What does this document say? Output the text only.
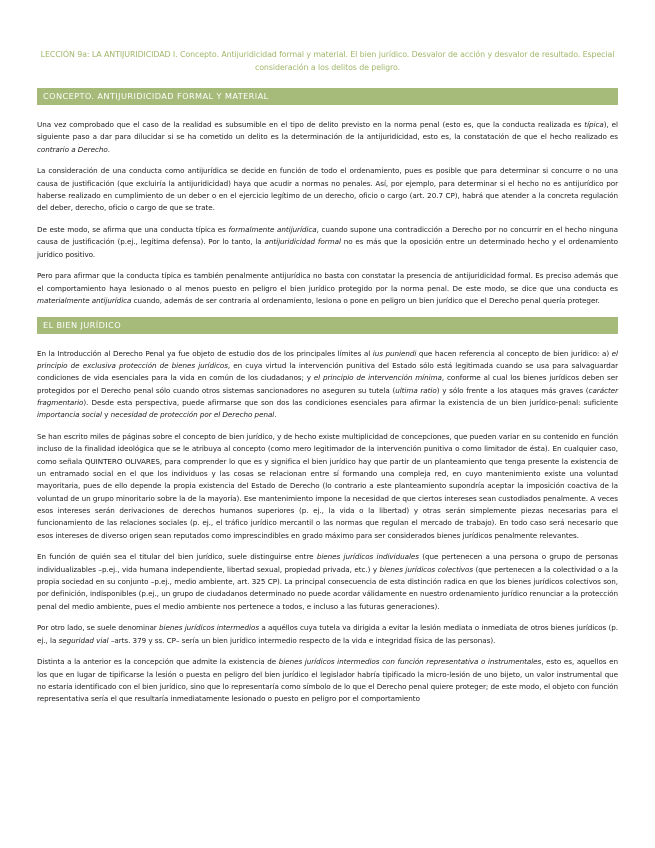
LECCIÓN 9a: LA ANTIJURIDICIDAD I. Concepto. Antijuridicidad formal y material. El bien jurídico. Desvalor de acción y desvalor de resultado. Especial consideración a los delitos de peligro.
CONCEPTO. ANTIJURIDICIDAD FORMAL Y MATERIAL

Una vez comprobado que el caso de la realidad es subsumible en el tipo de delito previsto en la norma penal (esto es, que la conducta realizada es típica), el siguiente paso a dar para dilucidar si se ha cometido un delito es la determinación de la antijuridicidad, esto es, la constatación de que el hecho realizado es contrario a Derecho.

La consideración de una conducta como antijurídica se decide en función de todo el ordenamiento, pues es posible que para determinar si concurre o no una causa de justificación (que excluiría la antijuridicidad) haya que acudir a normas no penales. Así, por ejemplo, para determinar si el hecho no es antijurídico por haberse realizado en cumplimiento de un deber o en el ejercicio legítimo de un derecho, oficio o cargo (art. 20.7 CP), habrá que atender a la concreta regulación del deber, derecho, oficio o cargo de que se trate.

De este modo, se afirma que una conducta típica es formalmente antijurídica, cuando supone una contradicción a Derecho por no concurrir en el hecho ninguna causa de justificación (p.ej., legítima defensa). Por lo tanto, la antijuridicidad formal no es más que la oposición entre un determinado hecho y el ordenamiento jurídico positivo.

Pero para afirmar que la conducta típica es también penalmente antijurídica no basta con constatar la presencia de antijuridicidad formal. Es preciso además que el comportamiento haya lesionado o al menos puesto en peligro el bien jurídico protegido por la norma penal. De este modo, se dice que una conducta es materialmente antijurídica cuando, además de ser contraria al ordenamiento, lesiona o pone en peligro un bien jurídico que el Derecho penal quería proteger.

EL BIEN JURÍDICO

En la Introducción al Derecho Penal ya fue objeto de estudio dos de los principales límites al ius puniendi que hacen referencia al concepto de bien jurídico: a) el principio de exclusiva protección de bienes jurídicos, en cuya virtud la intervención punitiva del Estado sólo está legitimada cuando se usa para salvaguardar condiciones de vida esenciales para la vida en común de los ciudadanos; y el principio de intervención mínima, conforme al cual los bienes jurídicos deben ser protegidos por el Derecho penal sólo cuando otros sistemas sancionadores no aseguren su tutela (ultima ratio) y sólo frente a los ataques más graves (carácter fragmentario). Desde esta perspectiva, puede afirmarse que son dos las condiciones esenciales para afirmar la existencia de un bien jurídico-penal: suficiente importancia social y necesidad de protección por el Derecho penal.

Se han escrito miles de páginas sobre el concepto de bien jurídico, y de hecho existe multiplicidad de concepciones, que pueden variar en su contenido en función incluso de la finalidad ideológica que se le atribuya al concepto (como mero legitimador de la intervención punitiva o como limitador de ésta). En cualquier caso, como señala QUINTERO OLIVARES, para comprender lo que es y significa el bien jurídico hay que partir de un planteamiento que tenga presente la existencia de un entramado social en el que los individuos y las cosas se relacionan entre sí formando una compleja red, en cuyo mantenimiento existe una voluntad mayoritaria, pues de ello depende la propia existencia del Estado de Derecho (lo contrario a este planteamiento supondría aceptar la imposición coactiva de la voluntad de un grupo minoritario sobre la de la mayoría). Ese mantenimiento impone la necesidad de que ciertos intereses sean custodiados penalmente. A veces esos intereses serán derivaciones de derechos humanos superiores (p. ej., la vida o la libertad) y otras serán simplemente piezas necesarias para el funcionamiento de las relaciones sociales (p. ej., el tráfico jurídico mercantil o las normas que regulan el mercado de trabajo). En todo caso será necesario que esos intereses de diverso origen sean reputados como imprescindibles en grado máximo para ser considerados bienes jurídicos penalmente relevantes.

En función de quién sea el titular del bien jurídico, suele distinguirse entre bienes jurídicos individuales (que pertenecen a una persona o grupo de personas individualizables –p.ej., vida humana independiente, libertad sexual, propiedad privada, etc.) y bienes jurídicos colectivos (que pertenecen a la colectividad o a la propia sociedad en su conjunto –p.ej., medio ambiente, art. 325 CP). La principal consecuencia de esta distinción radica en que los bienes jurídicos colectivos son, por definición, indisponibles (p.ej., un grupo de ciudadanos determinado no puede acordar válidamente en nuestro ordenamiento jurídico renunciar a la protección penal del medio ambiente, pues el medio ambiente nos pertenece a todos, e incluso a las futuras generaciones).

Por otro lado, se suele denominar bienes jurídicos intermedios a aquéllos cuya tutela va dirigida a evitar la lesión mediata o inmediata de otros bienes jurídicos (p. ej., la seguridad vial –arts. 379 y ss. CP– sería un bien jurídico intermedio respecto de la vida e integridad física de las personas).

Distinta a la anterior es la concepción que admite la existencia de bienes jurídicos intermedios con función representativa o instrumentales, esto es, aquellos en los que en lugar de tipificarse la lesión o puesta en peligro del bien jurídico el legislador habría tipificado la micro-lesión de uno bijeto, un valor instrumental que no estaría identificado con el bien jurídico, sino que lo representaría como símbolo de lo que el Derecho penal quiere proteger; de este modo, el objeto con función representativa sería el que resultaría inmediatamente lesionado o puesto en peligro por el comportamiento
